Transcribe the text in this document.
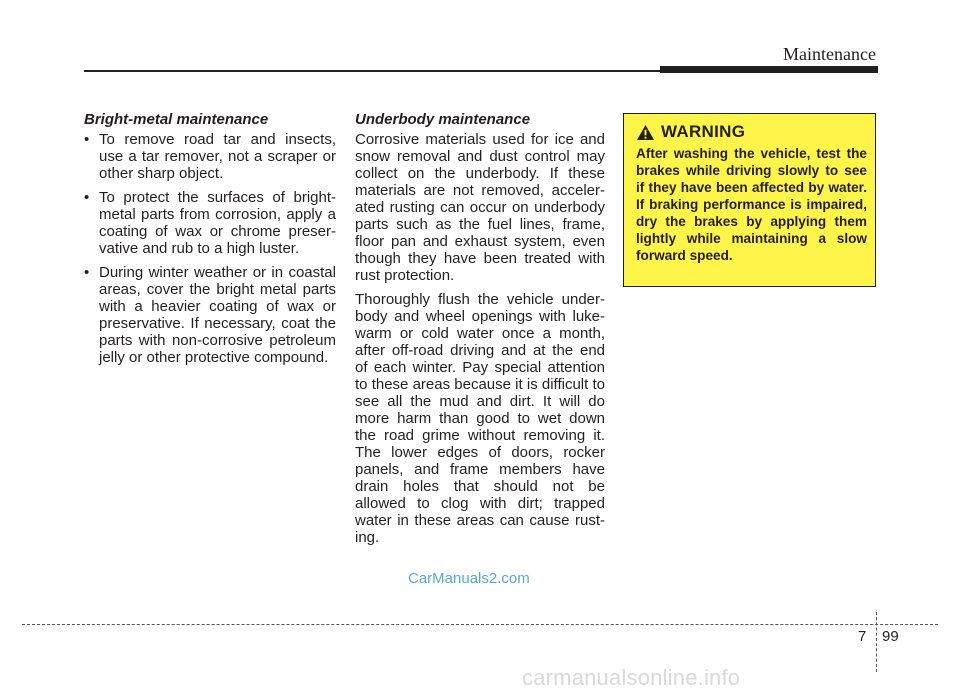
Maintenance
Bright-metal maintenance
• To remove road tar and insects, use a tar remover, not a scraper or other sharp object.
• To protect the surfaces of bright-metal parts from corrosion, apply a coating of wax or chrome preser-vative and rub to a high luster.
• During winter weather or in coastal areas, cover the bright metal parts with a heavier coating of wax or preservative. If necessary, coat the parts with non-corrosive petroleum jelly or other protective compound.
Underbody maintenance

Corrosive materials used for ice and snow removal and dust control may collect on the underbody. If these materials are not removed, acceler-ated rusting can occur on underbody parts such as the fuel lines, frame, floor pan and exhaust system, even though they have been treated with rust protection.

Thoroughly flush the vehicle under-body and wheel openings with luke-warm or cold water once a month, after off-road driving and at the end of each winter. Pay special attention to these areas because it is difficult to see all the mud and dirt. It will do more harm than good to wet down the road grime without removing it. The lower edges of doors, rocker panels, and frame members have drain holes that should not be allowed to clog with dirt; trapped water in these areas can cause rust-ing.

WARNING
After washing the vehicle, test the brakes while driving slowly to see if they have been affected by water. If braking performance is impaired, dry the brakes by applying them lightly while maintaining a slow forward speed.
CarManuals2.com
7 99
carmanualsonline.info
